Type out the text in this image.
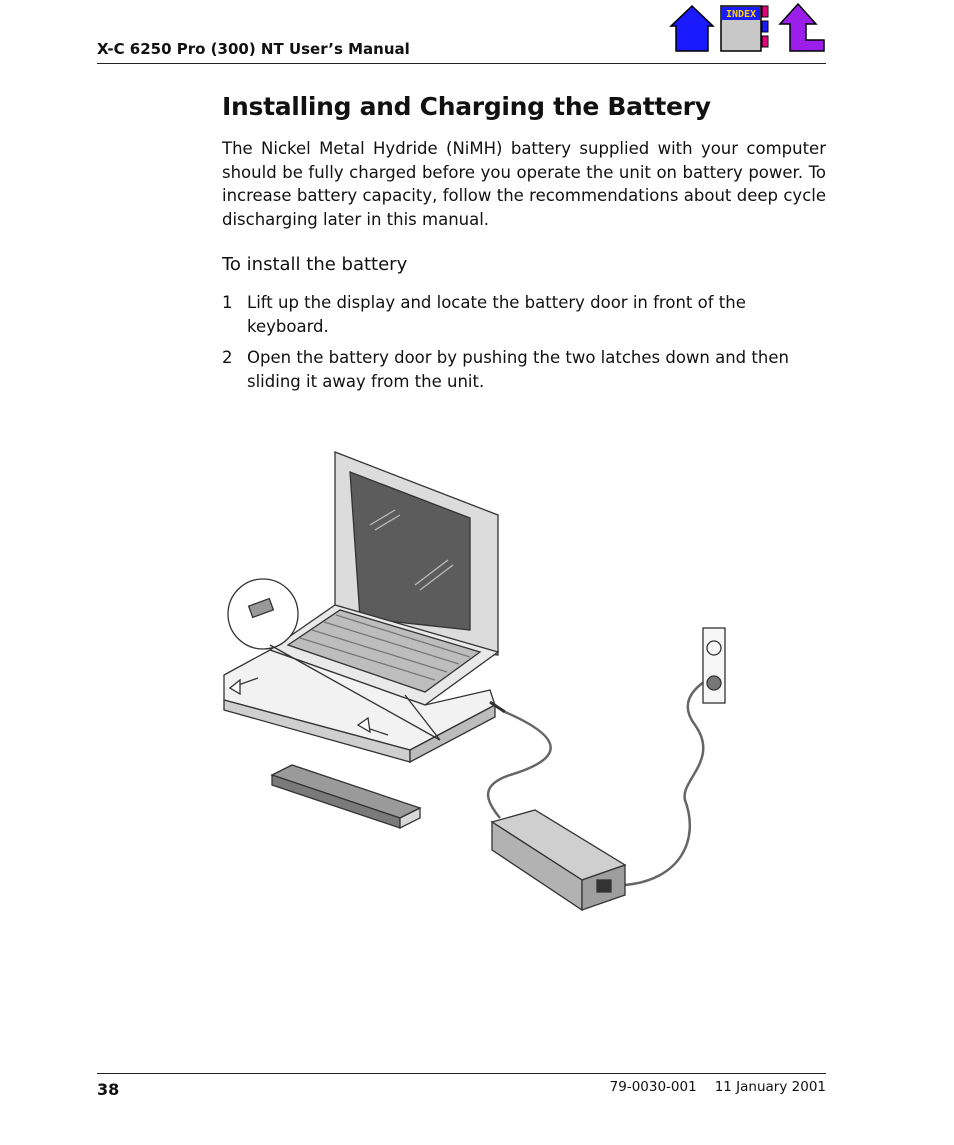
X-C 6250 Pro (300) NT User’s Manual
INDEX
Installing and Charging the Battery

The Nickel Metal Hydride (NiMH) battery supplied with your computer should be fully charged before you operate the unit on battery power. To increase battery capacity, follow the recommendations about deep cycle discharging later in this manual.

To install the battery

1 Lift up the display and locate the battery door in front of the keyboard.
2 Open the battery door by pushing the two latches down and then sliding it away from the unit.
38	79-0030-001 11 January 2001
